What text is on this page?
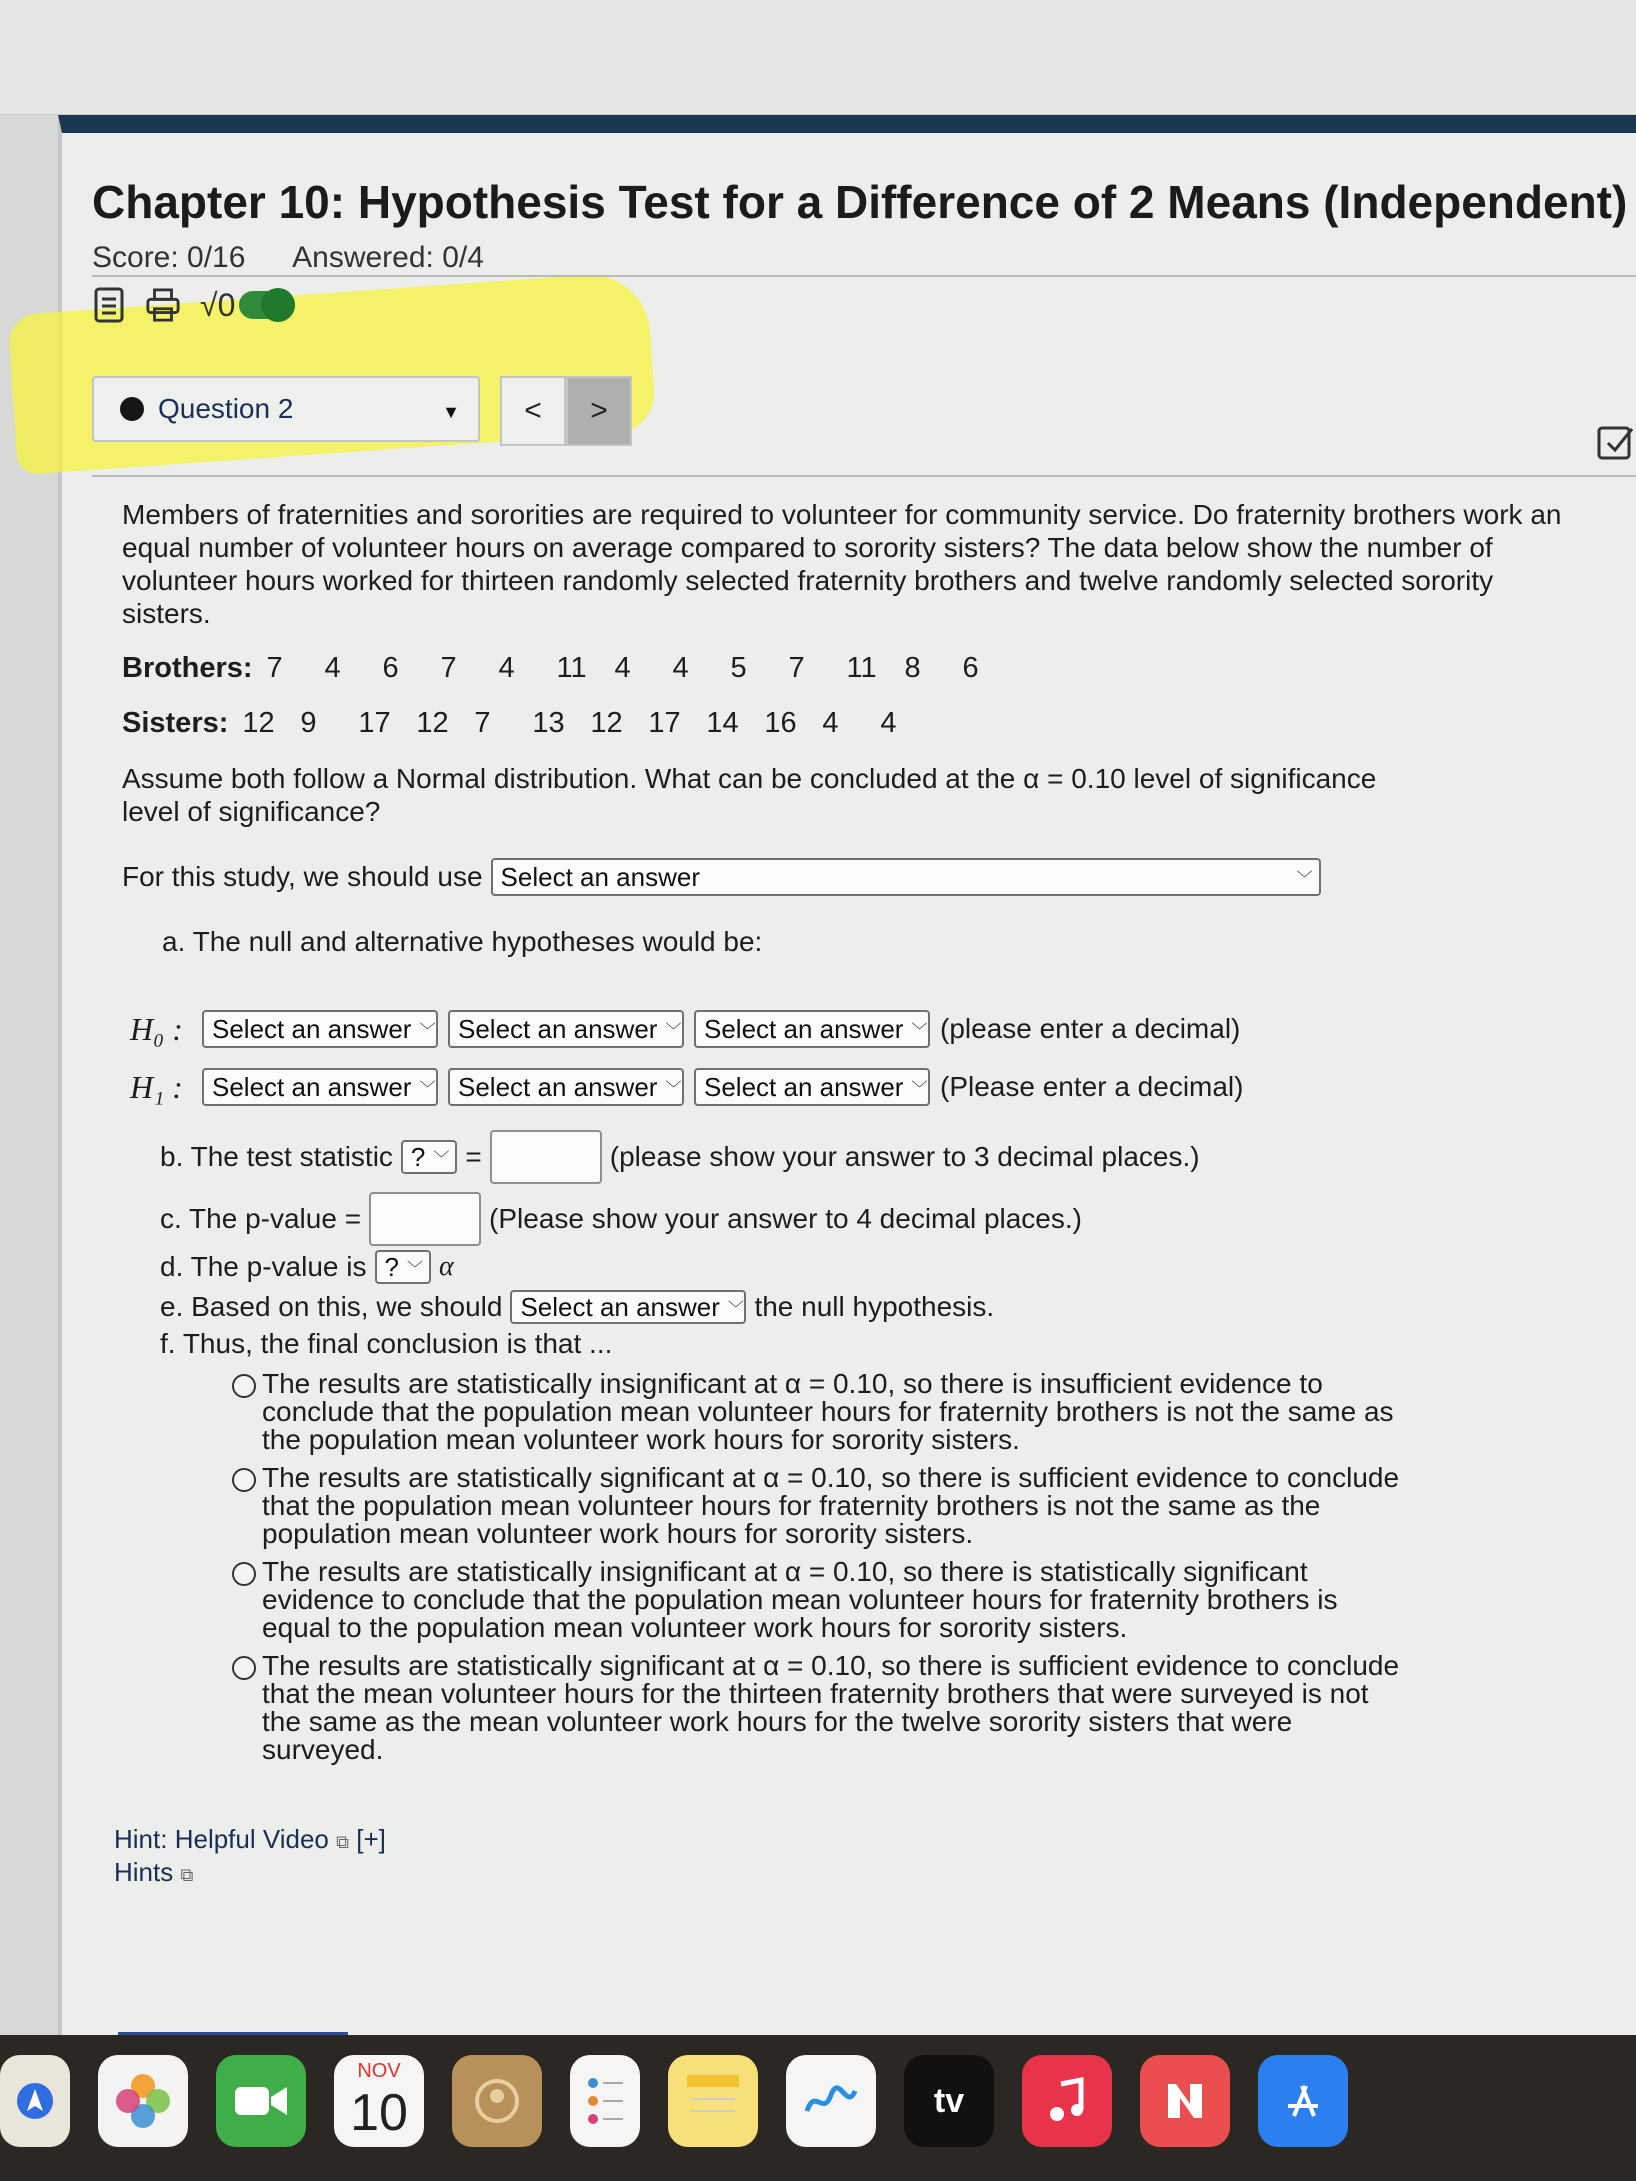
Chapter 10: Hypothesis Test for a Difference of 2 Means (Independent)
Score: 0/16 Answered: 0/4
√0
Question 2	▼	<	>

Members of fraternities and sororities are required to volunteer for community service. Do fraternity brothers work an equal number of volunteer hours on average compared to sorority sisters? The data below show the number of volunteer hours worked for thirteen randomly selected fraternity brothers and twelve randomly selected sorority sisters.

Brothers: 7	4	6	7	4	11 4	4	5	7	11 8	6
Sisters: 12 9	17 12 7	13 12 17 14 16 4	4

Assume both follow a Normal distribution. What can be concluded at the α = 0.10 level of significance

level of significance?

For this study, we should use Select an answer	﹀
a. The null and alternative hypotheses would be:
H₀ :	Select an answer ﹀ Select an answer ﹀ Select an answer ﹀ (please enter a decimal)
H₁ :	Select an answer ﹀ Select an answer ﹀ Select an answer ﹀ (Please enter a decimal)
b. The test statistic ? ﹀ =	(please show your answer to 3 decimal places.)
c. The p-value =	(Please show your answer to 4 decimal places.)
d. The p-value is ? ﹀ α
e. Based on this, we should Select an answer ﹀ the null hypothesis.
f. Thus, the final conclusion is that ...
The results are statistically insignificant at α = 0.10, so there is insufficient evidence to conclude that the population mean volunteer hours for fraternity brothers is not the same as the population mean volunteer work hours for sorority sisters.
The results are statistically significant at α = 0.10, so there is sufficient evidence to conclude that the population mean volunteer hours for fraternity brothers is not the same as the population mean volunteer work hours for sorority sisters.
The results are statistically insignificant at α = 0.10, so there is statistically significant evidence to conclude that the population mean volunteer hours for fraternity brothers is equal to the population mean volunteer work hours for sorority sisters.
The results are statistically significant at α = 0.10, so there is sufficient evidence to conclude that the mean volunteer hours for the thirteen fraternity brothers that were surveyed is not the same as the mean volunteer work hours for the twelve sorority sisters that were surveyed.
Hint: Helpful Video ⧉ [+]
Hints ⧉
NOV
10	tv
